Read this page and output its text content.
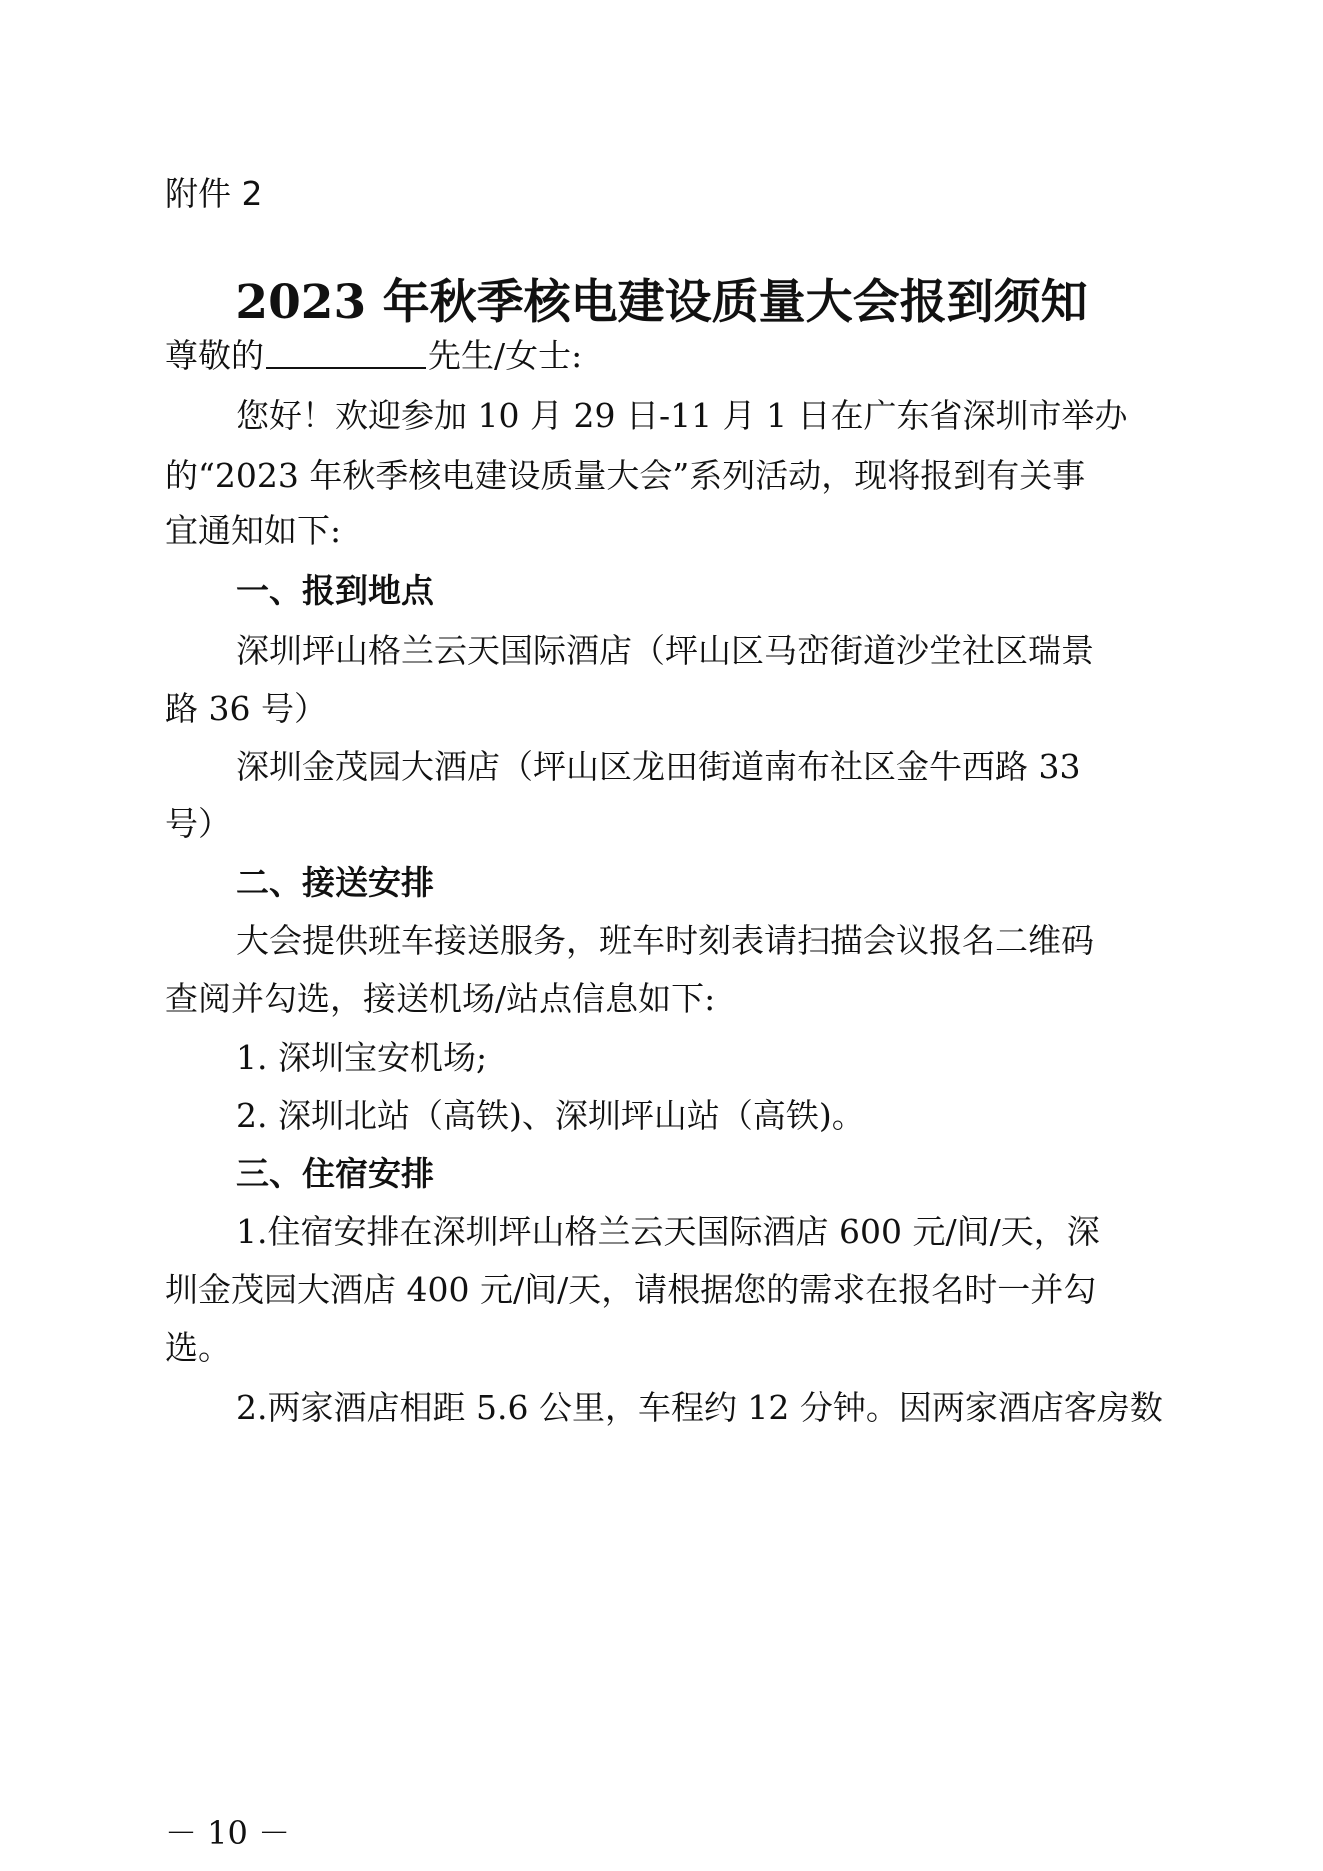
附件 2
2023 年秋季核电建设质量大会报到须知
尊敬的	先生/女士:
您好！欢迎参加 10 月 29 日-11 月 1 日在广东省深圳市举办
的“2023 年秋季核电建设质量大会”系列活动，现将报到有关事
宜通知如下:
一、报到地点
深圳坪山格兰云天国际酒店（坪山区马峦街道沙坣社区瑞景
路 36 号）
深圳金茂园大酒店（坪山区龙田街道南布社区金牛西路 33
号）
二、接送安排
大会提供班车接送服务，班车时刻表请扫描会议报名二维码
查阅并勾选，接送机场/站点信息如下:
1. 深圳宝安机场;
2. 深圳北站（高铁)、深圳坪山站（高铁)。
三、住宿安排
1.住宿安排在深圳坪山格兰云天国际酒店 600 元/间/天，深
圳金茂园大酒店 400 元/间/天，请根据您的需求在报名时一并勾
选。
2.两家酒店相距 5.6 公里，车程约 12 分钟。因两家酒店客房数
－ 10 －
